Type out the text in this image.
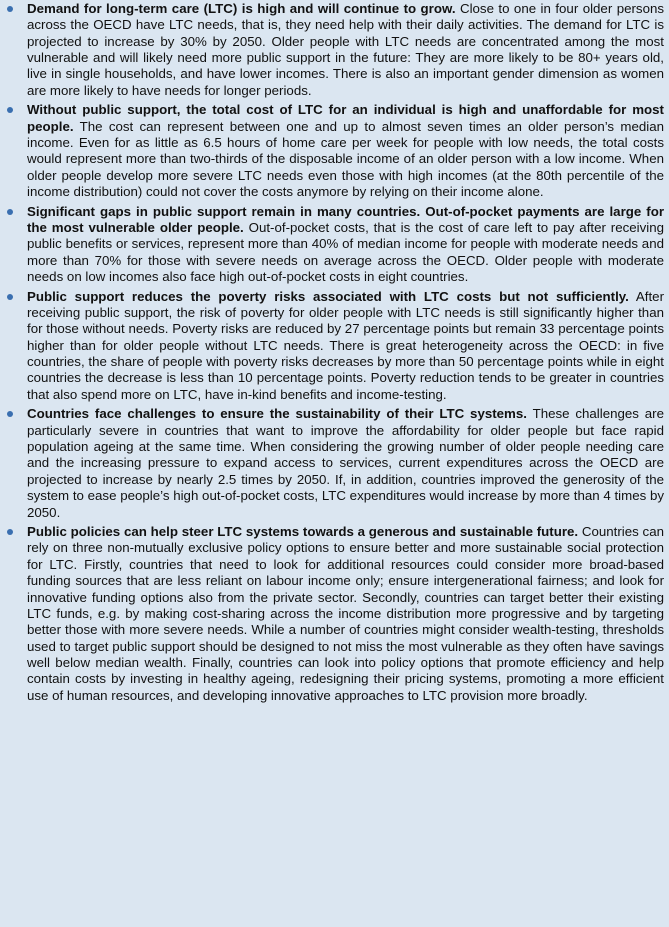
Demand for long-term care (LTC) is high and will continue to grow. Close to one in four older persons across the OECD have LTC needs, that is, they need help with their daily activities. The demand for LTC is projected to increase by 30% by 2050. Older people with LTC needs are concentrated among the most vulnerable and will likely need more public support in the future: They are more likely to be 80+ years old, live in single households, and have lower incomes. There is also an important gender dimension as women are more likely to have needs for longer periods.
Without public support, the total cost of LTC for an individual is high and unaffordable for most people. The cost can represent between one and up to almost seven times an older person’s median income. Even for as little as 6.5 hours of home care per week for people with low needs, the total costs would represent more than two-thirds of the disposable income of an older person with a low income. When older people develop more severe LTC needs even those with high incomes (at the 80th percentile of the income distribution) could not cover the costs anymore by relying on their income alone.
Significant gaps in public support remain in many countries. Out-of-pocket payments are large for the most vulnerable older people. Out-of-pocket costs, that is the cost of care left to pay after receiving public benefits or services, represent more than 40% of median income for people with moderate needs and more than 70% for those with severe needs on average across the OECD. Older people with moderate needs on low incomes also face high out-of-pocket costs in eight countries.
Public support reduces the poverty risks associated with LTC costs but not sufficiently. After receiving public support, the risk of poverty for older people with LTC needs is still significantly higher than for those without needs. Poverty risks are reduced by 27 percentage points but remain 33 percentage points higher than for older people without LTC needs. There is great heterogeneity across the OECD: in five countries, the share of people with poverty risks decreases by more than 50 percentage points while in eight countries the decrease is less than 10 percentage points. Poverty reduction tends to be greater in countries that also spend more on LTC, have in-kind benefits and income-testing.
Countries face challenges to ensure the sustainability of their LTC systems. These challenges are particularly severe in countries that want to improve the affordability for older people but face rapid population ageing at the same time. When considering the growing number of older people needing care and the increasing pressure to expand access to services, current expenditures across the OECD are projected to increase by nearly 2.5 times by 2050. If, in addition, countries improved the generosity of the system to ease people’s high out-of-pocket costs, LTC expenditures would increase by more than 4 times by 2050.
Public policies can help steer LTC systems towards a generous and sustainable future. Countries can rely on three non-mutually exclusive policy options to ensure better and more sustainable social protection for LTC. Firstly, countries that need to look for additional resources could consider more broad-based funding sources that are less reliant on labour income only; ensure intergenerational fairness; and look for innovative funding options also from the private sector. Secondly, countries can target better their existing LTC funds, e.g. by making cost-sharing across the income distribution more progressive and by targeting better those with more severe needs. While a number of countries might consider wealth-testing, thresholds used to target public support should be designed to not miss the most vulnerable as they often have savings well below median wealth. Finally, countries can look into policy options that promote efficiency and help contain costs by investing in healthy ageing, redesigning their pricing systems, promoting a more efficient use of human resources, and developing innovative approaches to LTC provision more broadly.
